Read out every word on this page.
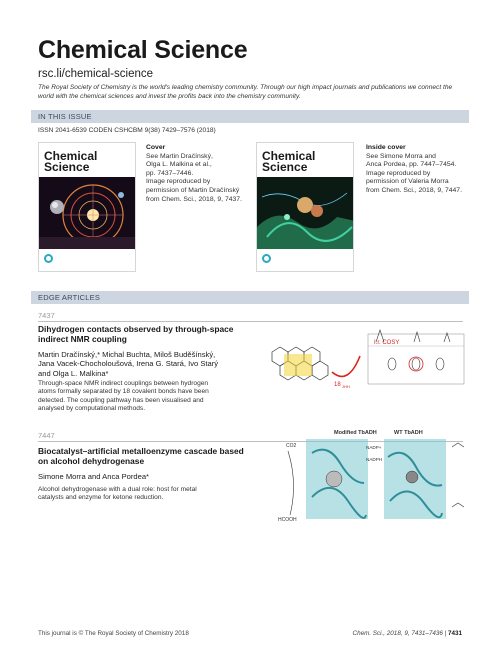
Chemical Science
rsc.li/chemical-science
The Royal Society of Chemistry is the world's leading chemistry community. Through our high impact journals and publications we connect the world with the chemical sciences and invest the profits back into the chemistry community.
IN THIS ISSUE
ISSN 2041-6539 CODEN CSHCBM 9(38) 7429–7576 (2018)
Chemical
Science
Cover
See Martin Dračínský,
Olga L. Malkina et al.,
pp. 7437–7446.
Image reproduced by
permission of Martin Dračínský
from Chem. Sci., 2018, 9, 7437.
Chemical
Science
Inside cover
See Simone Morra and
Anca Pordea, pp. 7447–7454.
Image reproduced by
permission of Valeria Morra
from Chem. Sci., 2018, 9, 7447.
EDGE ARTICLES
7437
Dihydrogen contacts observed by through-space
indirect NMR coupling
Martin Dračínský,* Michal Buchta, Miloš Buděšínský,
Jana Vacek-Chocholoušová, Irena G. Stará, Ivo Starý
and Olga L. Malkina*
Through-space NMR indirect couplings between hydrogen
atoms formally separated by 18 covalent bonds have been
detected. The coupling pathway has been visualised and
analysed by computational methods.
18 JHH
I.r. COSY
7447
Biocatalyst–artificial metalloenzyme cascade based
on alcohol dehydrogenase
Simone Morra and Anca Pordea*
Alcohol dehydrogenase with a dual role: host for metal
catalysts and enzyme for ketone reduction.
Modified TbADH	WT TbADH
CO2
HCOOH
NADP+
NADPH
This journal is © The Royal Society of Chemistry 2018	Chem. Sci., 2018, 9, 7431–7436 | 7431
